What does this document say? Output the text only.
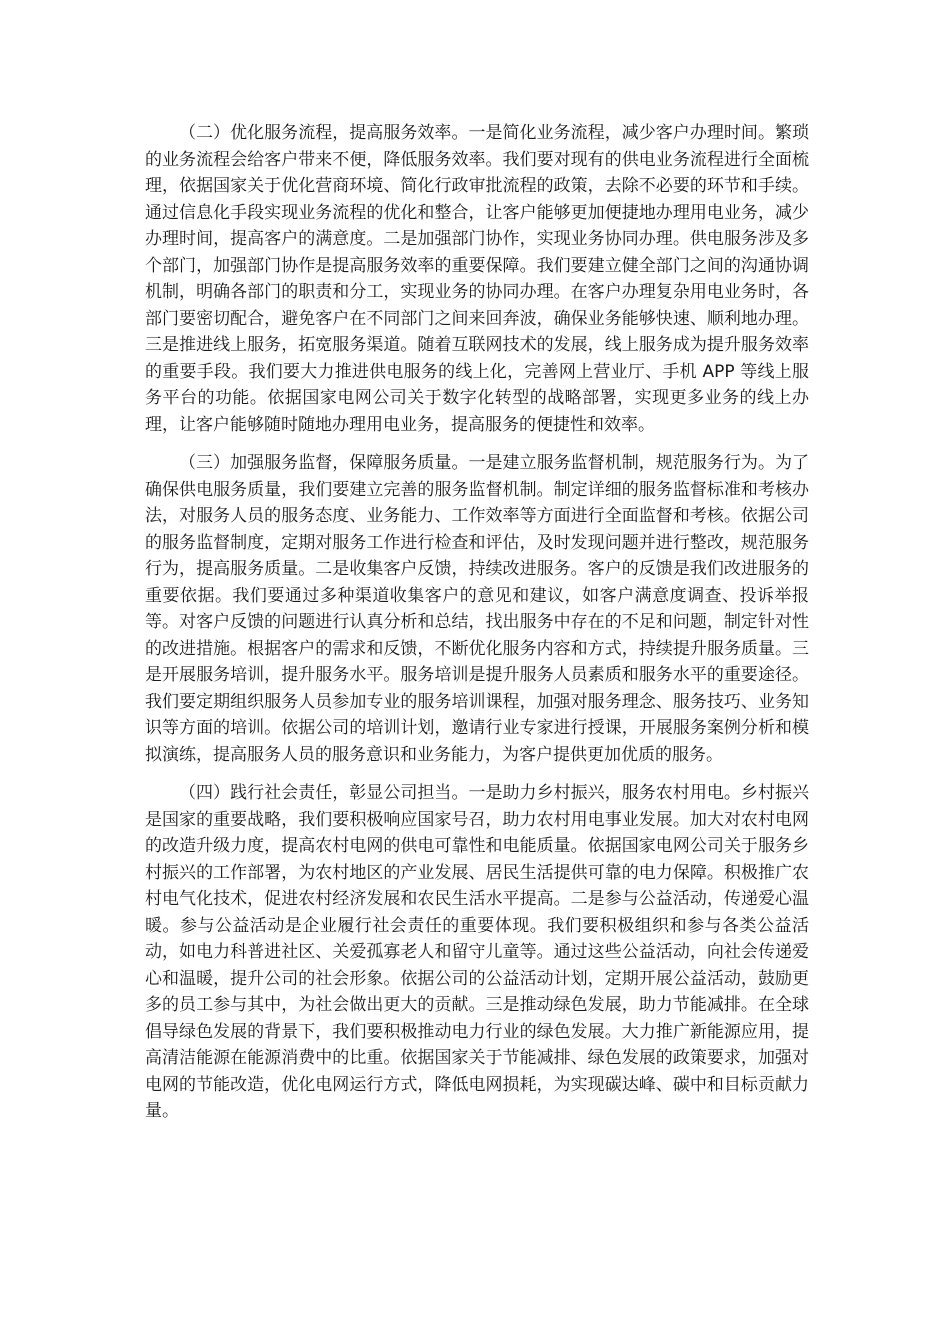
（二）优化服务流程，提高服务效率。一是简化业务流程，减少客户办理时间。繁琐的业务流程会给客户带来不便，降低服务效率。我们要对现有的供电业务流程进行全面梳理，依据国家关于优化营商环境、简化行政审批流程的政策，去除不必要的环节和手续。通过信息化手段实现业务流程的优化和整合，让客户能够更加便捷地办理用电业务，减少办理时间，提高客户的满意度。二是加强部门协作，实现业务协同办理。供电服务涉及多个部门，加强部门协作是提高服务效率的重要保障。我们要建立健全部门之间的沟通协调机制，明确各部门的职责和分工，实现业务的协同办理。在客户办理复杂用电业务时，各部门要密切配合，避免客户在不同部门之间来回奔波，确保业务能够快速、顺利地办理。三是推进线上服务，拓宽服务渠道。随着互联网技术的发展，线上服务成为提升服务效率的重要手段。我们要大力推进供电服务的线上化，完善网上营业厅、手机 APP 等线上服务平台的功能。依据国家电网公司关于数字化转型的战略部署，实现更多业务的线上办理，让客户能够随时随地办理用电业务，提高服务的便捷性和效率。

（三）加强服务监督，保障服务质量。一是建立服务监督机制，规范服务行为。为了确保供电服务质量，我们要建立完善的服务监督机制。制定详细的服务监督标准和考核办法，对服务人员的服务态度、业务能力、工作效率等方面进行全面监督和考核。依据公司的服务监督制度，定期对服务工作进行检查和评估，及时发现问题并进行整改，规范服务行为，提高服务质量。二是收集客户反馈，持续改进服务。客户的反馈是我们改进服务的重要依据。我们要通过多种渠道收集客户的意见和建议，如客户满意度调查、投诉举报等。对客户反馈的问题进行认真分析和总结，找出服务中存在的不足和问题，制定针对性的改进措施。根据客户的需求和反馈，不断优化服务内容和方式，持续提升服务质量。三是开展服务培训，提升服务水平。服务培训是提升服务人员素质和服务水平的重要途径。我们要定期组织服务人员参加专业的服务培训课程，加强对服务理念、服务技巧、业务知识等方面的培训。依据公司的培训计划，邀请行业专家进行授课，开展服务案例分析和模拟演练，提高服务人员的服务意识和业务能力，为客户提供更加优质的服务。

（四）践行社会责任，彰显公司担当。一是助力乡村振兴，服务农村用电。乡村振兴是国家的重要战略，我们要积极响应国家号召，助力农村用电事业发展。加大对农村电网的改造升级力度，提高农村电网的供电可靠性和电能质量。依据国家电网公司关于服务乡村振兴的工作部署，为农村地区的产业发展、居民生活提供可靠的电力保障。积极推广农村电气化技术，促进农村经济发展和农民生活水平提高。二是参与公益活动，传递爱心温暖。参与公益活动是企业履行社会责任的重要体现。我们要积极组织和参与各类公益活动，如电力科普进社区、关爱孤寡老人和留守儿童等。通过这些公益活动，向社会传递爱心和温暖，提升公司的社会形象。依据公司的公益活动计划，定期开展公益活动，鼓励更多的员工参与其中，为社会做出更大的贡献。三是推动绿色发展，助力节能减排。在全球倡导绿色发展的背景下，我们要积极推动电力行业的绿色发展。大力推广新能源应用，提高清洁能源在能源消费中的比重。依据国家关于节能减排、绿色发展的政策要求，加强对电网的节能改造，优化电网运行方式，降低电网损耗，为实现碳达峰、碳中和目标贡献力量。
